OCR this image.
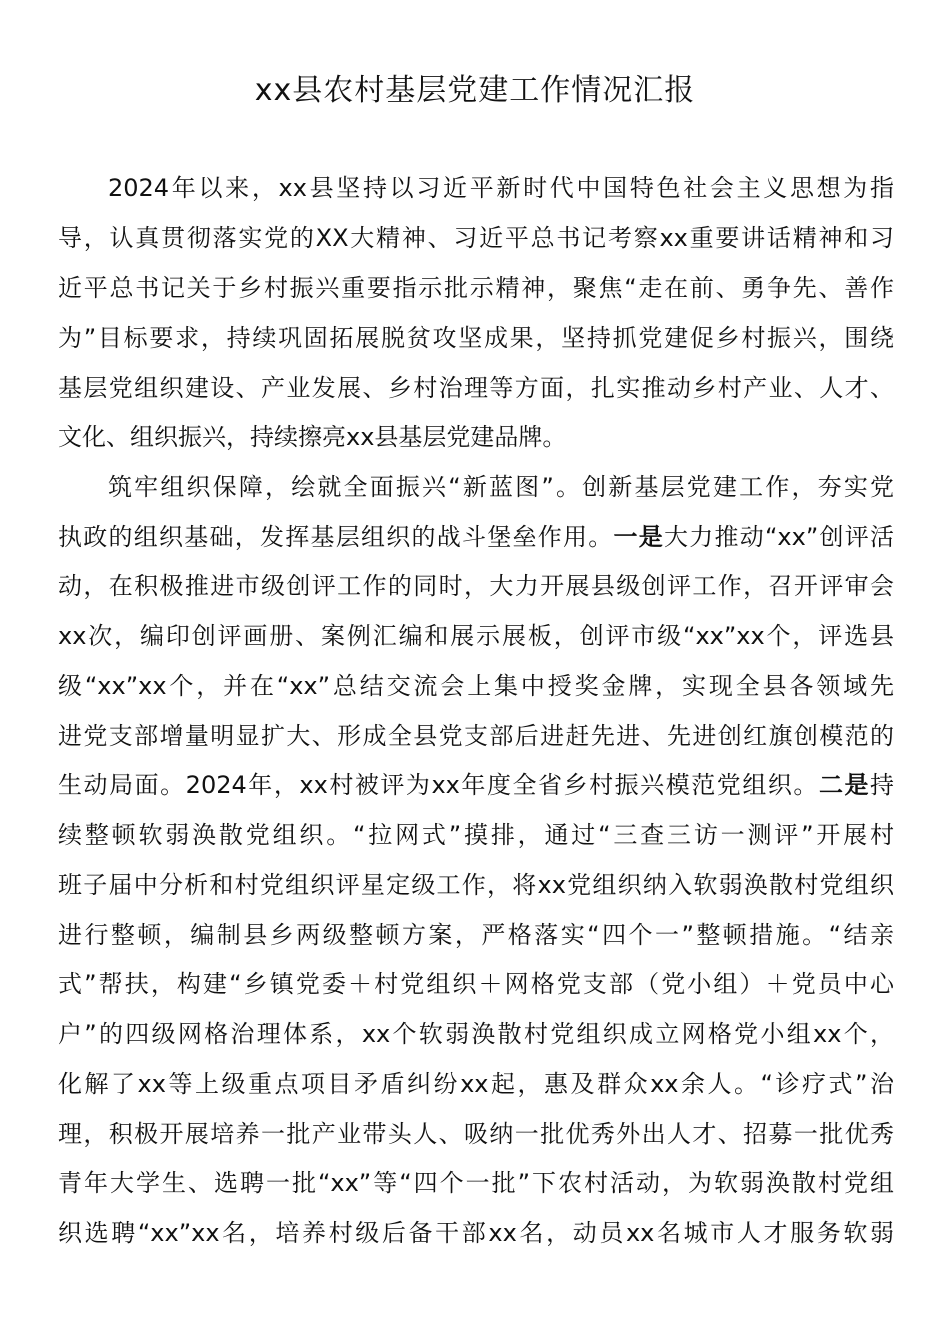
xx县农村基层党建工作情况汇报
2024年以来，xx县坚持以习近平新时代中国特色社会主义思想为指
导，认真贯彻落实党的XX大精神、习近平总书记考察xx重要讲话精神和习
近平总书记关于乡村振兴重要指示批示精神，聚焦“走在前、勇争先、善作
为”目标要求，持续巩固拓展脱贫攻坚成果，坚持抓党建促乡村振兴，围绕
基层党组织建设、产业发展、乡村治理等方面，扎实推动乡村产业、人才、
文化、组织振兴，持续擦亮xx县基层党建品牌。
筑牢组织保障，绘就全面振兴“新蓝图”。创新基层党建工作，夯实党
执政的组织基础，发挥基层组织的战斗堡垒作用。一是大力推动“xx”创评活
动，在积极推进市级创评工作的同时，大力开展县级创评工作，召开评审会
xx次，编印创评画册、案例汇编和展示展板，创评市级“xx”xx个，评选县
级“xx”xx个，并在“xx”总结交流会上集中授奖金牌，实现全县各领域先
进党支部增量明显扩大、形成全县党支部后进赶先进、先进创红旗创模范的
生动局面。2024年，xx村被评为xx年度全省乡村振兴模范党组织。二是持
续整顿软弱涣散党组织。“拉网式”摸排，通过“三查三访一测评”开展村
班子届中分析和村党组织评星定级工作，将xx党组织纳入软弱涣散村党组织
进行整顿，编制县乡两级整顿方案，严格落实“四个一”整顿措施。“结亲
式”帮扶，构建“乡镇党委＋村党组织＋网格党支部（党小组）＋党员中心
户”的四级网格治理体系，xx个软弱涣散村党组织成立网格党小组xx个，
化解了xx等上级重点项目矛盾纠纷xx起，惠及群众xx余人。“诊疗式”治
理，积极开展培养一批产业带头人、吸纳一批优秀外出人才、招募一批优秀
青年大学生、选聘一批“xx”等“四个一批”下农村活动，为软弱涣散村党组
织选聘“xx”xx名，培养村级后备干部xx名，动员xx名城市人才服务软弱
